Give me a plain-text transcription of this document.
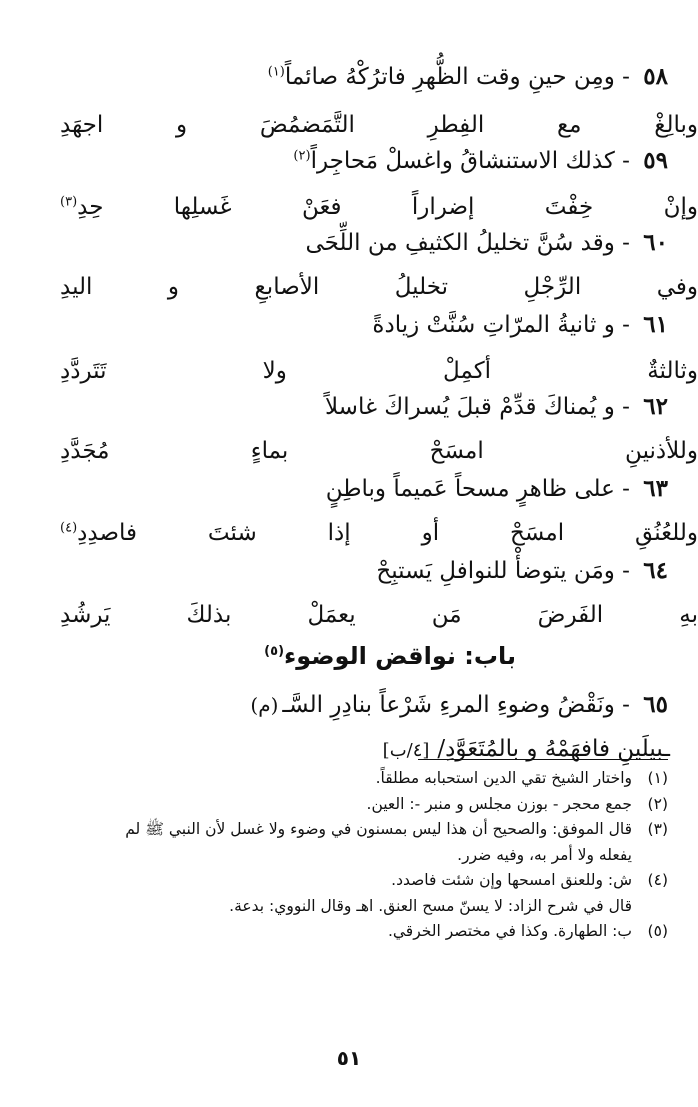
٥٨ - ومِن حينِ وقت الظُّهرِ فاترُكْهُ صائماً$^{(١)}$
وبالِغْ مع الفِطرِ التَّمَضمُضَ و اجهَدِ
٥٩ - كذلك الاستنشاقُ واغسلْ مَحاجِراً$^{(٢)}$
وإنْ خِفْتَ إضراراً فعَنْ غَسلِها حِدِ$^{(٣)}$
٦٠ - وقد سُنَّ تخليلُ الكثيفِ من اللِّحَى
وفي الرِّجْلِ تخليلُ الأصابعِ و اليدِ
٦١ - و ثانيةُ المرّاتِ سُنَّتْ زيادةً
وثالثةٌ أكمِلْ ولا تَتَردَّدِ
٦٢ - و يُمناكَ قدِّمْ قبلَ يُسراكَ غاسلاً
وللأذنينِ امسَحْ بماءٍ مُجَدَّدِ
٦٣ - على ظاهرٍ مسحاً عَميماً وباطِنٍ
وللعُنُقِ امسَحْ أو إذا شئتَ فاصدِدِ$^{(٤)}$
٦٤ - ومَن يتوضأْ للنوافلِ يَستبِحْ
بهِ الفَرضَ مَن يعمَلْ بذلكَ يَرشُدِ
باب: نواقض الوضوء$^{(٥)}$
٦٥ - ونَقْضُ وضوءِ المرءِ شَرْعاً بنادِرِ السَّـ(م)
ـبيلَينِ فافهَمْهُ و بالمُتَعَوَّدِ/[٤/ب]
(١)
واختار الشيخ تقي الدين استحبابه مطلقاً.
(٢)
جمع محجر - بوزن مجلس و منبر -: العين.
(٣)
قال الموفق: والصحيح أن هذا ليس بمسنون في وضوء ولا غسل لأن النبي ﷺ لم
يفعله ولا أمر به، وفيه ضرر.
(٤)
ش: وللعنق امسحها وإن شئت فاصدد.
قال في شرح الزاد: لا يسنّ مسح العنق. اهـ وقال النووي: بدعة.
(٥)
ب: الطهارة. وكذا في مختصر الخرقي.
٥١
